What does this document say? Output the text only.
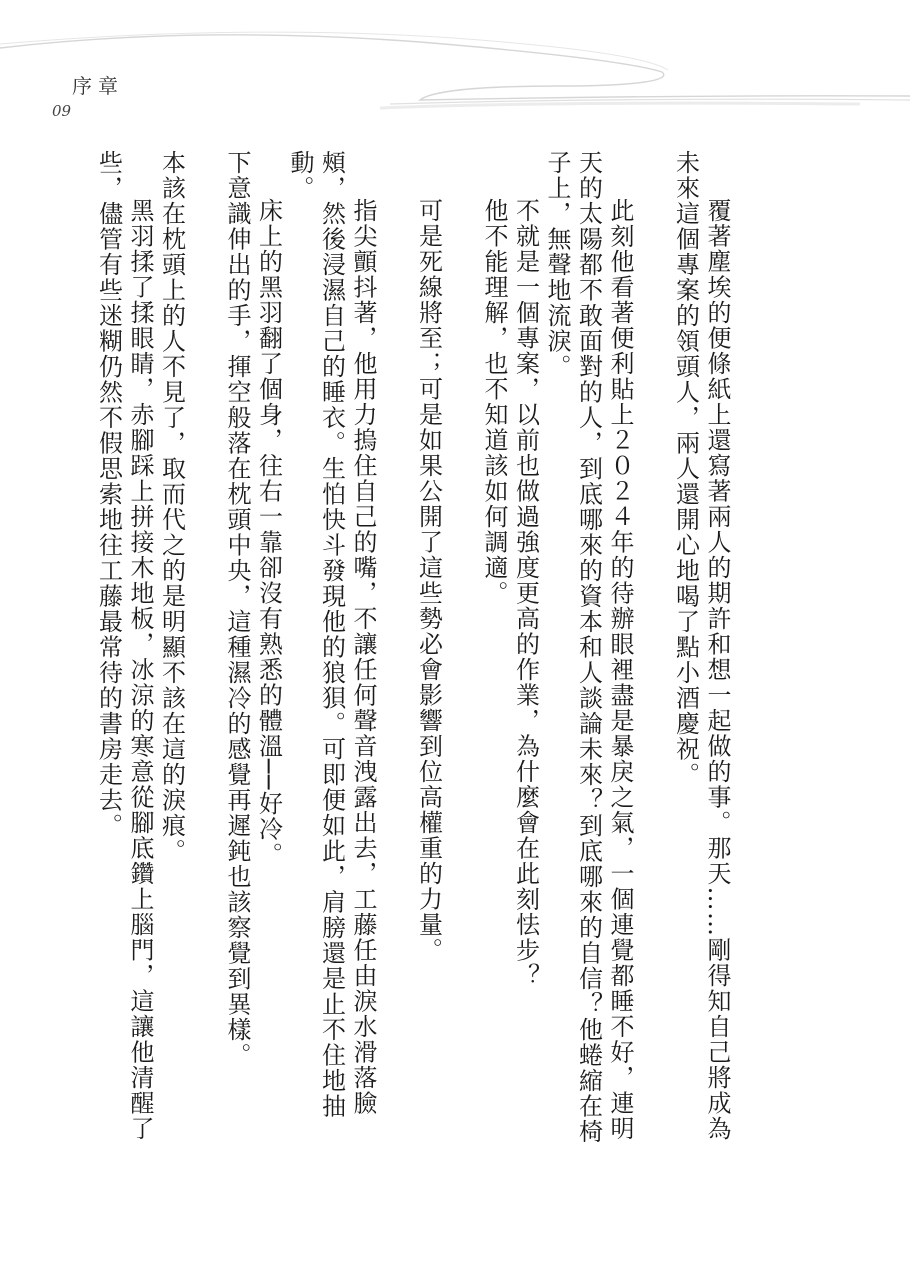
序章
09

覆著塵埃的便條紙上還寫著兩人的期許和想一起做的事。那天……剛得知自己將成為未來這個專案的領頭人，兩人還開心地喝了點小酒慶祝。

此刻他看著便利貼上２０２４年的待辦眼裡盡是暴戾之氣，一個連覺都睡不好，連明天的太陽都不敢面對的人，到底哪來的資本和人談論未來？到底哪來的自信？他蜷縮在椅子上，無聲地流淚。

不就是一個專案，以前也做過強度更高的作業，為什麼會在此刻怯步？

他不能理解，也不知道該如何調適。

可是死線將至；可是如果公開了這些勢必會影響到位高權重的力量。

指尖顫抖著，他用力摀住自己的嘴，不讓任何聲音洩露出去，工藤任由淚水滑落臉頰，然後浸濕自己的睡衣。生怕快斗發現他的狼狽。可即便如此，肩膀還是止不住地抽動。

床上的黑羽翻了個身，往右一靠卻沒有熟悉的體溫──好冷。

下意識伸出的手，揮空般落在枕頭中央，這種濕冷的感覺再遲鈍也該察覺到異樣。

本該在枕頭上的人不見了，取而代之的是明顯不該在這的淚痕。

黑羽揉了揉眼睛，赤腳踩上拼接木地板，冰涼的寒意從腳底鑽上腦門，這讓他清醒了些，儘管有些迷糊仍然不假思索地往工藤最常待的書房走去。
